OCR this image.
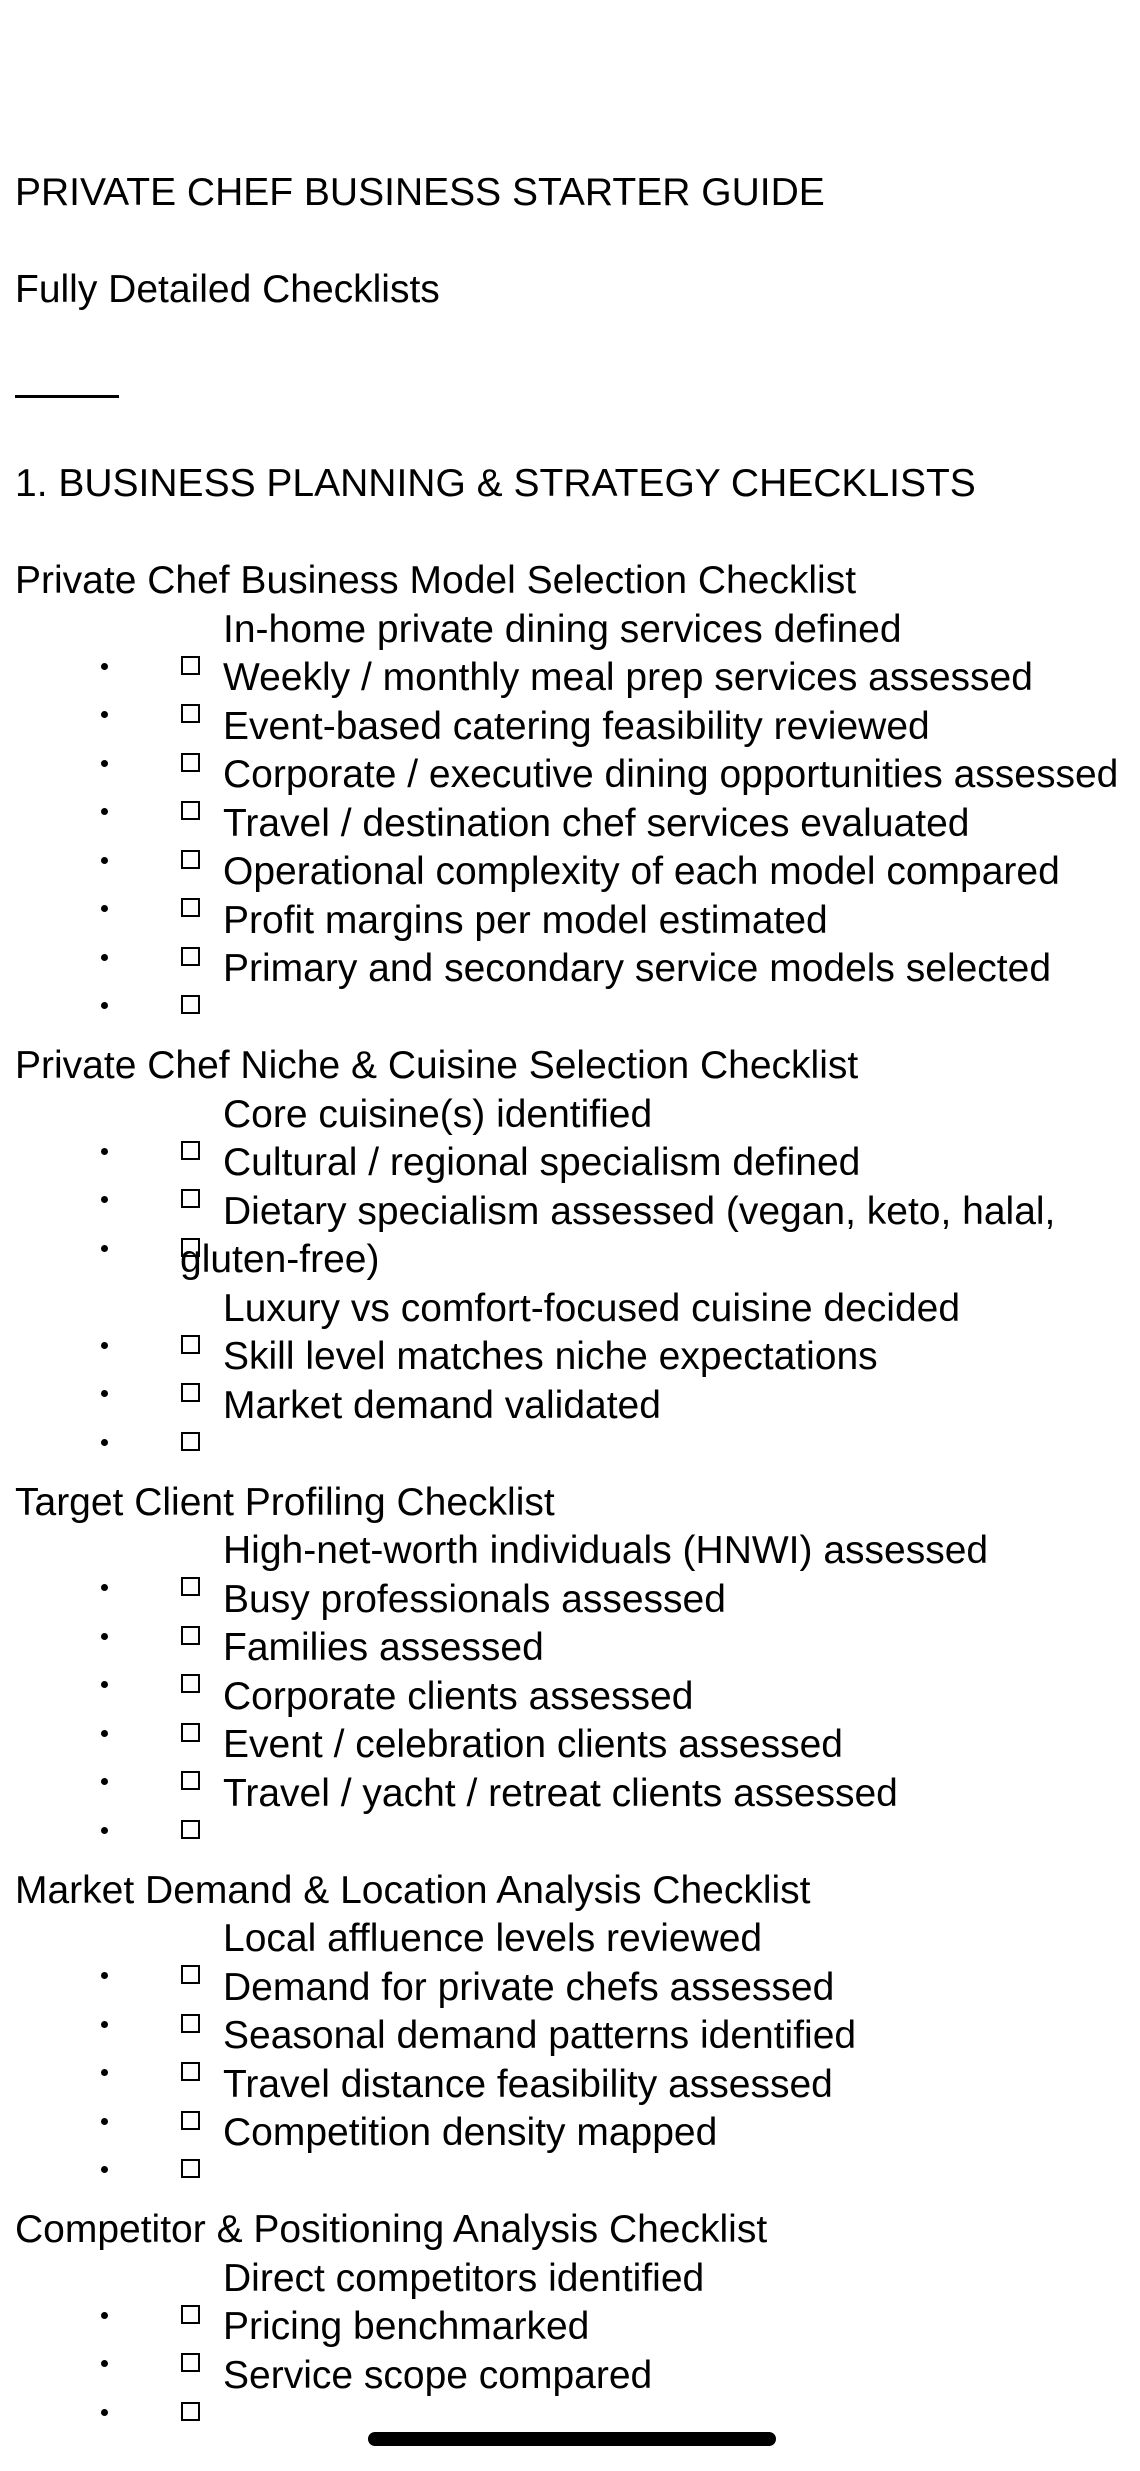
PRIVATE CHEF BUSINESS STARTER GUIDE
Fully Detailed Checklists
1. BUSINESS PLANNING & STRATEGY CHECKLISTS
Private Chef Business Model Selection Checklist
In-home private dining services defined
Weekly / monthly meal prep services assessed
Event-based catering feasibility reviewed
Corporate / executive dining opportunities assessed
Travel / destination chef services evaluated
Operational complexity of each model compared
Profit margins per model estimated
Primary and secondary service models selected
Private Chef Niche & Cuisine Selection Checklist
Core cuisine(s) identified
Cultural / regional specialism defined
Dietary specialism assessed (vegan, keto, halal, gluten-free)
Luxury vs comfort-focused cuisine decided
Skill level matches niche expectations
Market demand validated
Target Client Profiling Checklist
High-net-worth individuals (HNWI) assessed
Busy professionals assessed
Families assessed
Corporate clients assessed
Event / celebration clients assessed
Travel / yacht / retreat clients assessed
Market Demand & Location Analysis Checklist
Local affluence levels reviewed
Demand for private chefs assessed
Seasonal demand patterns identified
Travel distance feasibility assessed
Competition density mapped
Competitor & Positioning Analysis Checklist
Direct competitors identified
Pricing benchmarked
Service scope compared
